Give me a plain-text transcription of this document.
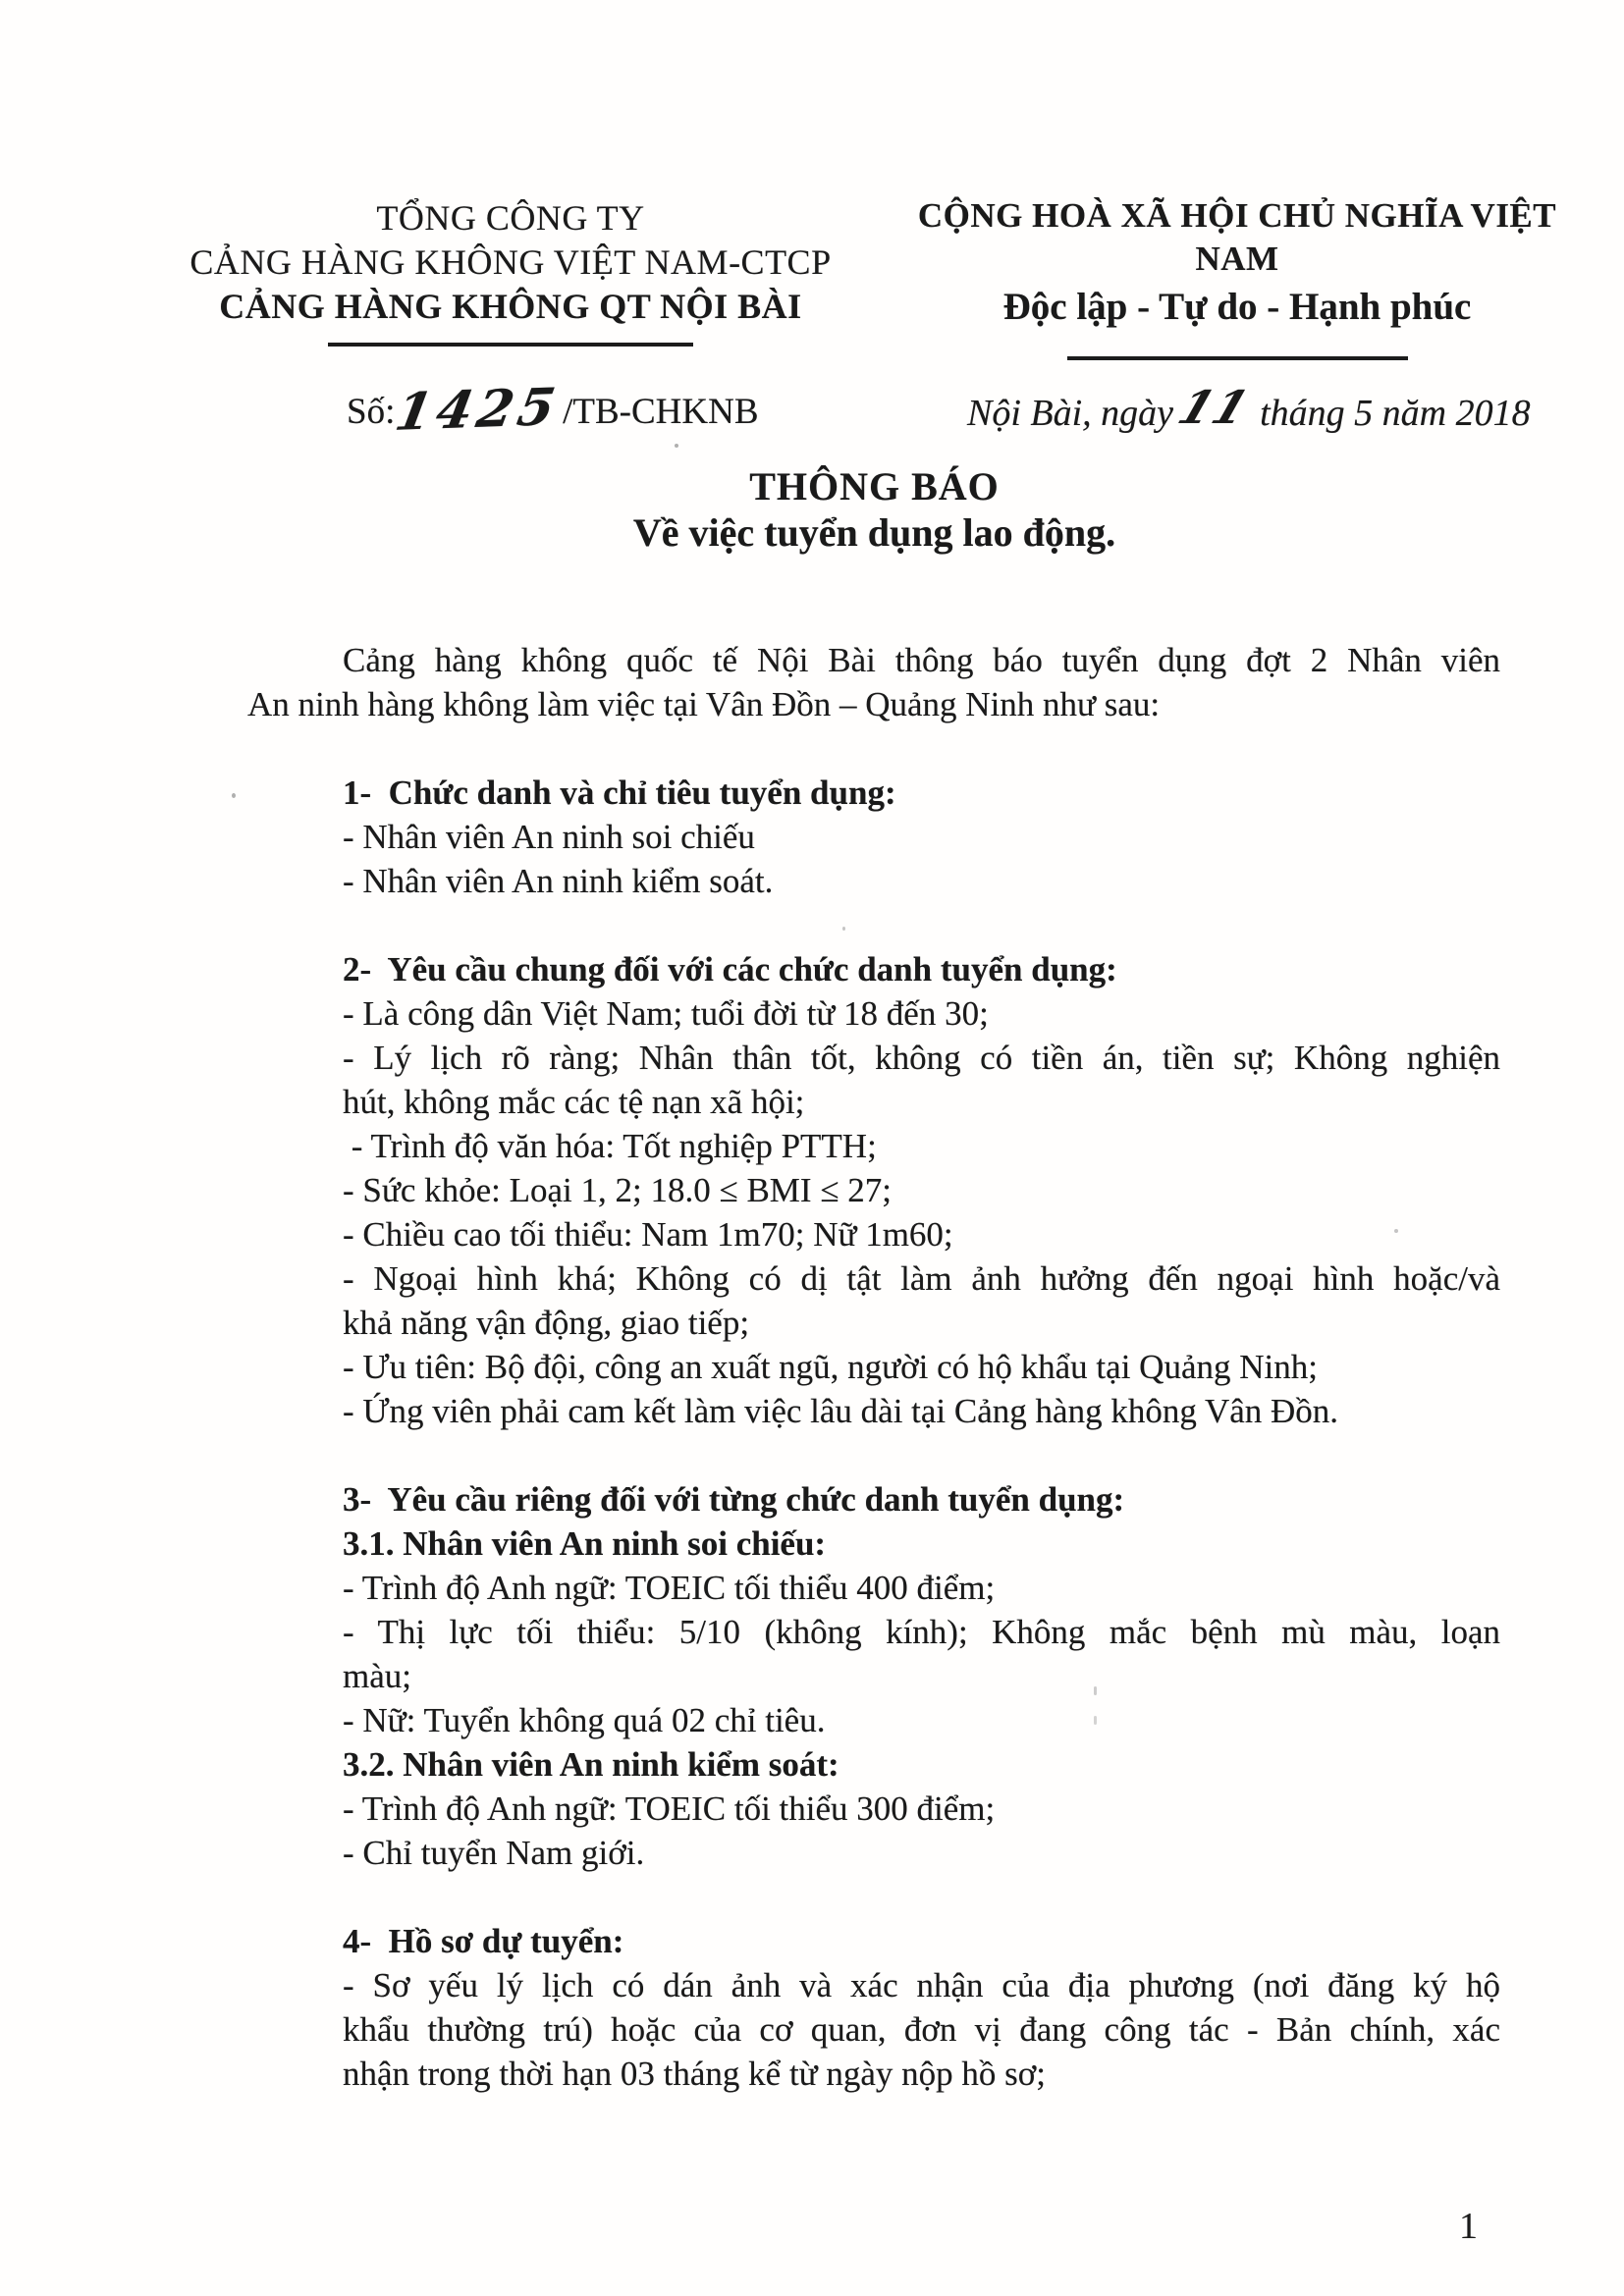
TỔNG CÔNG TY
CẢNG HÀNG KHÔNG VIỆT NAM-CTCP
CẢNG HÀNG KHÔNG QT NỘI BÀI
CỘNG HOÀ XÃ HỘI CHỦ NGHĨA VIỆT NAM
Độc lập - Tự do - Hạnh phúc
Số:1425/TB-CHKNB	Nội Bài, ngày11tháng 5 năm 2018
THÔNG BÁO
Về việc tuyển dụng lao động.
Cảng hàng không quốc tế Nội Bài thông báo tuyển dụng đợt 2 Nhân viên
An ninh hàng không làm việc tại Vân Đồn – Quảng Ninh như sau:
1-  Chức danh và chỉ tiêu tuyển dụng:
- Nhân viên An ninh soi chiếu
- Nhân viên An ninh kiểm soát.
2-  Yêu cầu chung đối với các chức danh tuyển dụng:
- Là công dân Việt Nam; tuổi đời từ 18 đến 30;
- Lý lịch rõ ràng; Nhân thân tốt, không có tiền án, tiền sự; Không nghiện
hút, không mắc các tệ nạn xã hội;
- Trình độ văn hóa: Tốt nghiệp PTTH;
- Sức khỏe: Loại 1, 2; 18.0 ≤ BMI ≤ 27;
- Chiều cao tối thiểu: Nam 1m70; Nữ 1m60;
- Ngoại hình khá; Không có dị tật làm ảnh hưởng đến ngoại hình hoặc/và
khả năng vận động, giao tiếp;
- Ưu tiên: Bộ đội, công an xuất ngũ, người có hộ khẩu tại Quảng Ninh;
- Ứng viên phải cam kết làm việc lâu dài tại Cảng hàng không Vân Đồn.
3-  Yêu cầu riêng đối với từng chức danh tuyển dụng:
3.1. Nhân viên An ninh soi chiếu:
- Trình độ Anh ngữ: TOEIC tối thiểu 400 điểm;
- Thị lực tối thiểu: 5/10 (không kính); Không mắc bệnh mù màu, loạn
màu;
- Nữ: Tuyển không quá 02 chỉ tiêu.
3.2. Nhân viên An ninh kiểm soát:
- Trình độ Anh ngữ: TOEIC tối thiểu 300 điểm;
- Chỉ tuyển Nam giới.
4-  Hồ sơ dự tuyển:
- Sơ yếu lý lịch có dán ảnh và xác nhận của địa phương (nơi đăng ký hộ
khẩu thường trú) hoặc của cơ quan, đơn vị đang công tác - Bản chính, xác
nhận trong thời hạn 03 tháng kể từ ngày nộp hồ sơ;
1
